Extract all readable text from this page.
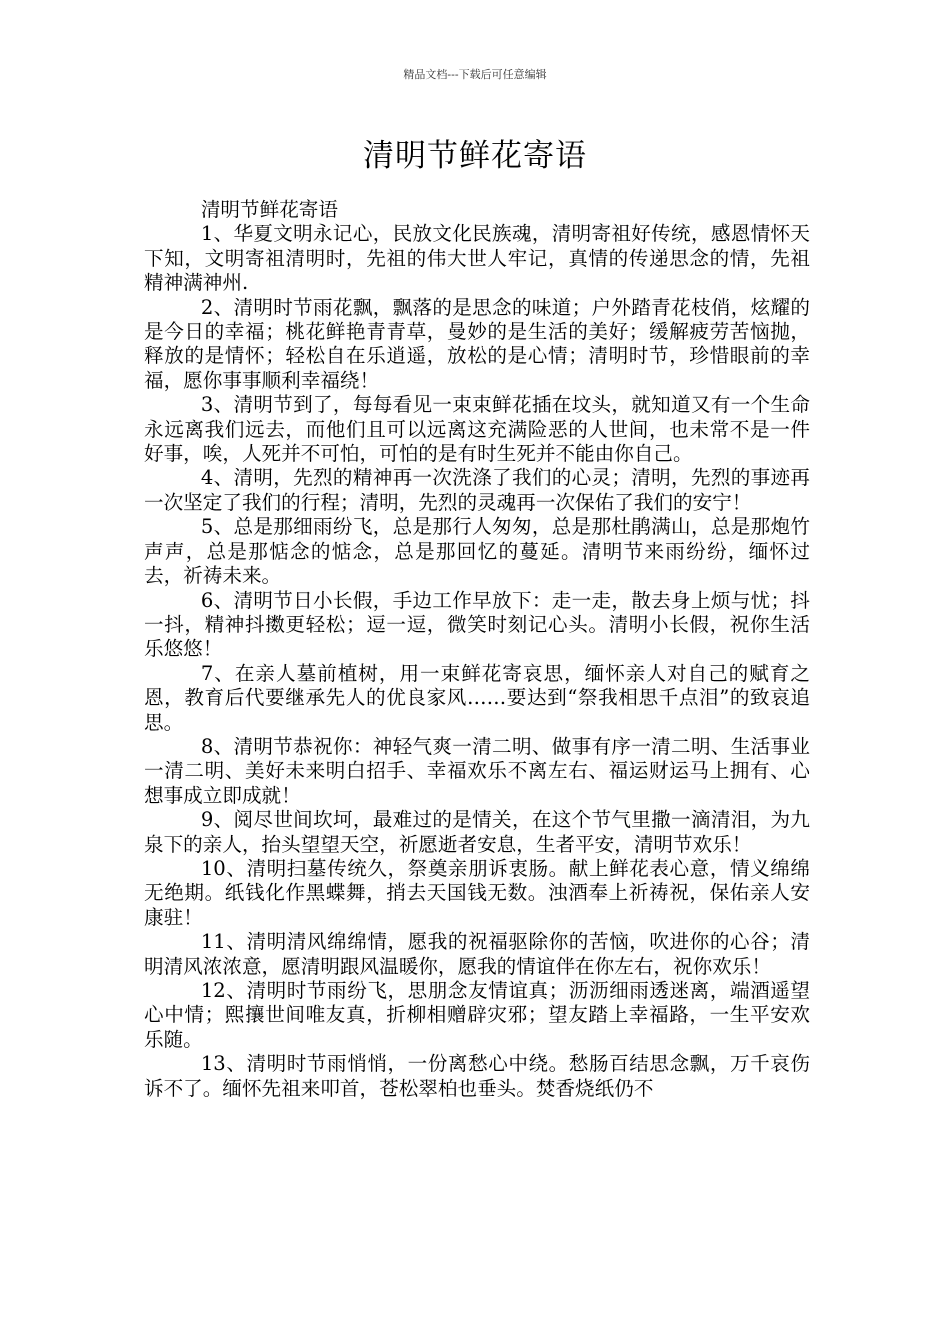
精品文档---下载后可任意编辑
清明节鲜花寄语

清明节鲜花寄语

1、华夏文明永记心，民放文化民族魂，清明寄祖好传统，感恩情怀天下知，文明寄祖清明时，先祖的伟大世人牢记，真情的传递思念的情，先祖精神满神州.

2、清明时节雨花飘，飘落的是思念的味道；户外踏青花枝俏，炫耀的是今日的幸福；桃花鲜艳青青草，曼妙的是生活的美好；缓解疲劳苦恼抛，释放的是情怀；轻松自在乐逍遥，放松的是心情；清明时节，珍惜眼前的幸福，愿你事事顺利幸福绕！

3、清明节到了，每每看见一束束鲜花插在坟头，就知道又有一个生命永远离我们远去，而他们且可以远离这充满险恶的人世间，也未常不是一件好事，唉，人死并不可怕，可怕的是有时生死并不能由你自己。

4、清明，先烈的精神再一次洗涤了我们的心灵；清明，先烈的事迹再一次坚定了我们的行程；清明，先烈的灵魂再一次保佑了我们的安宁！

5、总是那细雨纷飞，总是那行人匆匆，总是那杜鹃满山，总是那炮竹声声，总是那惦念的惦念，总是那回忆的蔓延。清明节来雨纷纷，缅怀过去，祈祷未来。

6、清明节日小长假，手边工作早放下：走一走，散去身上烦与忧；抖一抖，精神抖擞更轻松；逗一逗，微笑时刻记心头。清明小长假，祝你生活乐悠悠！

7、在亲人墓前植树，用一束鲜花寄哀思，缅怀亲人对自己的赋育之恩，教育后代要继承先人的优良家风……要达到“祭我相思千点泪”的致哀追思。

8、清明节恭祝你：神轻气爽一清二明、做事有序一清二明、生活事业一清二明、美好未来明白招手、幸福欢乐不离左右、福运财运马上拥有、心想事成立即成就！

9、阅尽世间坎坷，最难过的是情关，在这个节气里撒一滴清泪，为九泉下的亲人，抬头望望天空，祈愿逝者安息，生者平安，清明节欢乐！

10、清明扫墓传统久，祭奠亲朋诉衷肠。献上鲜花表心意，情义绵绵无绝期。纸钱化作黑蝶舞，捎去天国钱无数。浊酒奉上祈祷祝，保佑亲人安康驻！

11、清明清风绵绵情，愿我的祝福驱除你的苦恼，吹进你的心谷；清明清风浓浓意，愿清明跟风温暖你，愿我的情谊伴在你左右，祝你欢乐！

12、清明时节雨纷飞，思朋念友情谊真；沥沥细雨透迷离，端酒遥望心中情；熙攘世间唯友真，折柳相赠辟灾邪；望友踏上幸福路，一生平安欢乐随。

13、清明时节雨悄悄，一份离愁心中绕。愁肠百结思念飘，万千哀伤诉不了。缅怀先祖来叩首，苍松翠柏也垂头。焚香烧纸仍不
